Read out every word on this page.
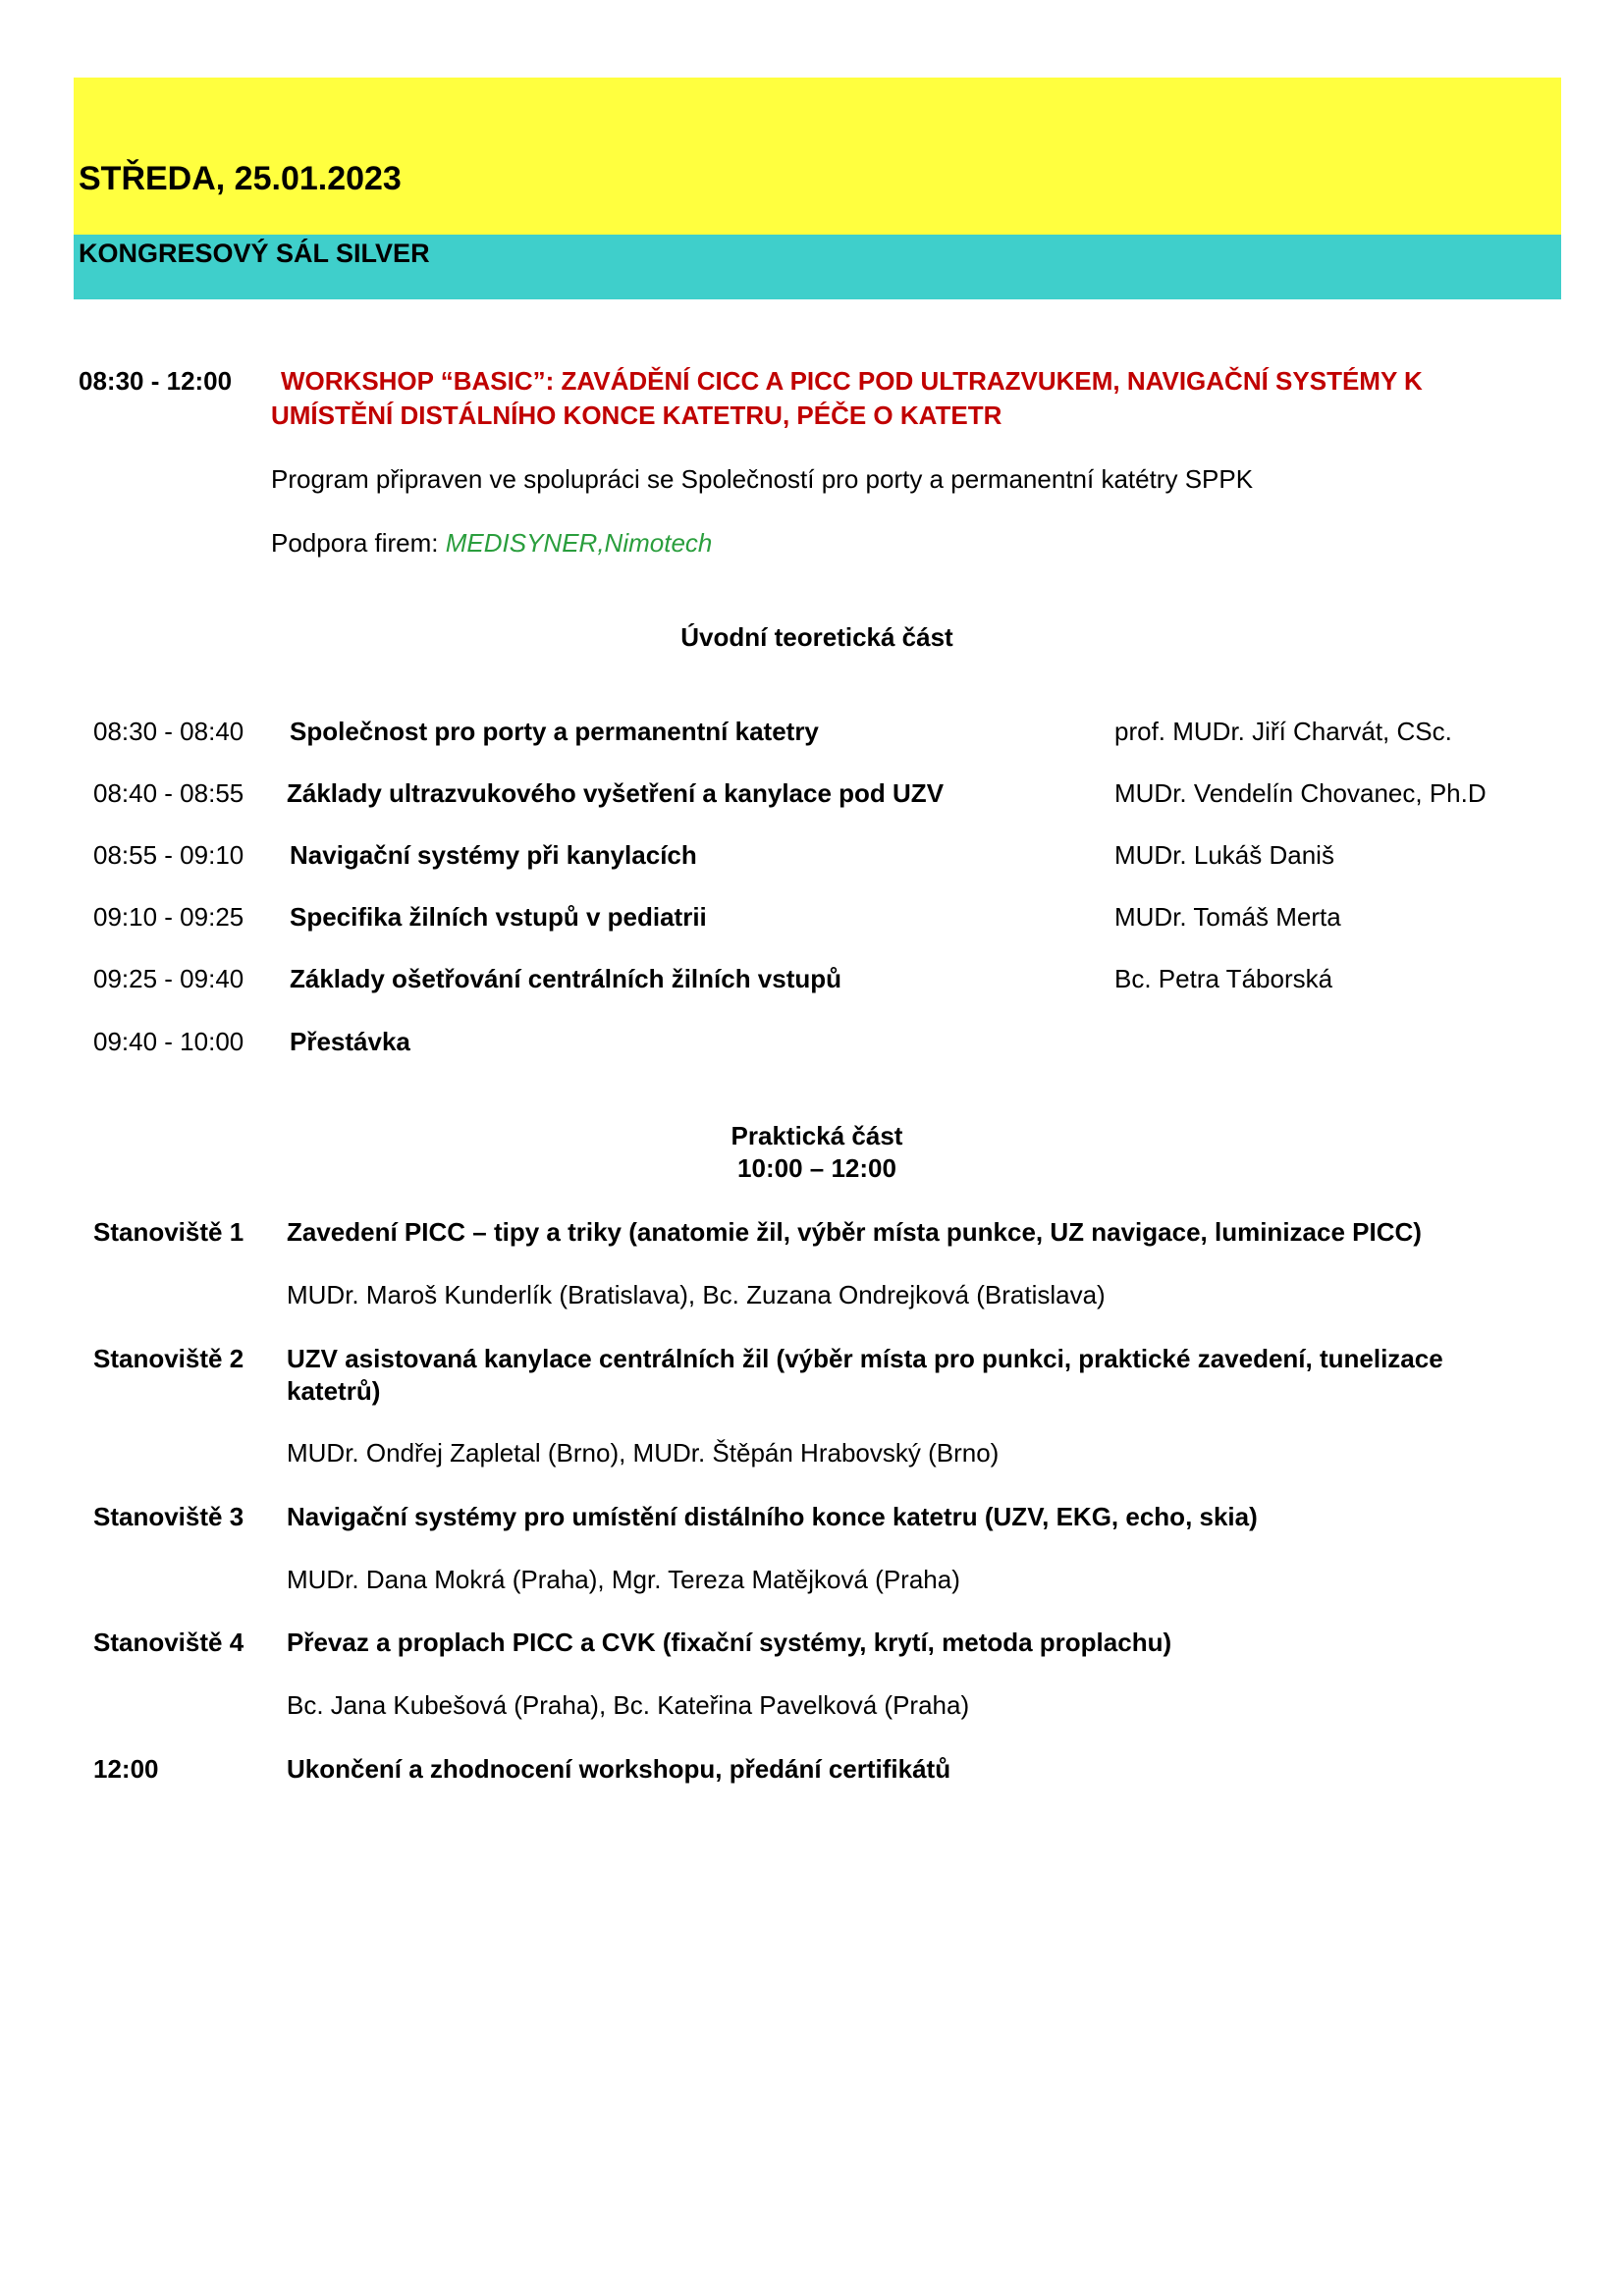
STŘEDA, 25.01.2023
KONGRESOVÝ SÁL SILVER
08:30 - 12:00 WORKSHOP “BASIC”: ZAVÁDĚNÍ CICC A PICC POD ULTRAZVUKEM, NAVIGAČNÍ SYSTÉMY K
UMÍSTĚNÍ DISTÁLNÍHO KONCE KATETRU, PÉČE O KATETR
Program připraven ve spolupráci se Společností pro porty a permanentní katétry SPPK
Podpora firem: MEDISYNER,Nimotech
Úvodní teoretická část
08:30 - 08:40 Společnost pro porty a permanentní katetry	prof. MUDr. Jiří Charvát, CSc.
08:40 - 08:55 Základy ultrazvukového vyšetření a kanylace pod UZV	MUDr. Vendelín Chovanec, Ph.D
08:55 - 09:10 Navigační systémy při kanylacích	MUDr. Lukáš Daniš
09:10 - 09:25 Specifika žilních vstupů v pediatrii	MUDr. Tomáš Merta
09:25 - 09:40 Základy ošetřování centrálních žilních vstupů	Bc. Petra Táborská
09:40 - 10:00 Přestávka
Praktická část
10:00 – 12:00
Stanoviště 1 Zavedení PICC – tipy a triky (anatomie žil, výběr místa punkce, UZ navigace, luminizace PICC)
MUDr. Maroš Kunderlík (Bratislava), Bc. Zuzana Ondrejková (Bratislava)
Stanoviště 2 UZV asistovaná kanylace centrálních žil (výběr místa pro punkci, praktické zavedení, tunelizace
katetrů)
MUDr. Ondřej Zapletal (Brno), MUDr. Štěpán Hrabovský (Brno)
Stanoviště 3 Navigační systémy pro umístění distálního konce katetru (UZV, EKG, echo, skia)
MUDr. Dana Mokrá (Praha), Mgr. Tereza Matějková (Praha)
Stanoviště 4 Převaz a proplach PICC a CVK (fixační systémy, krytí, metoda proplachu)
Bc. Jana Kubešová (Praha), Bc. Kateřina Pavelková (Praha)
12:00	Ukončení a zhodnocení workshopu, předání certifikátů
